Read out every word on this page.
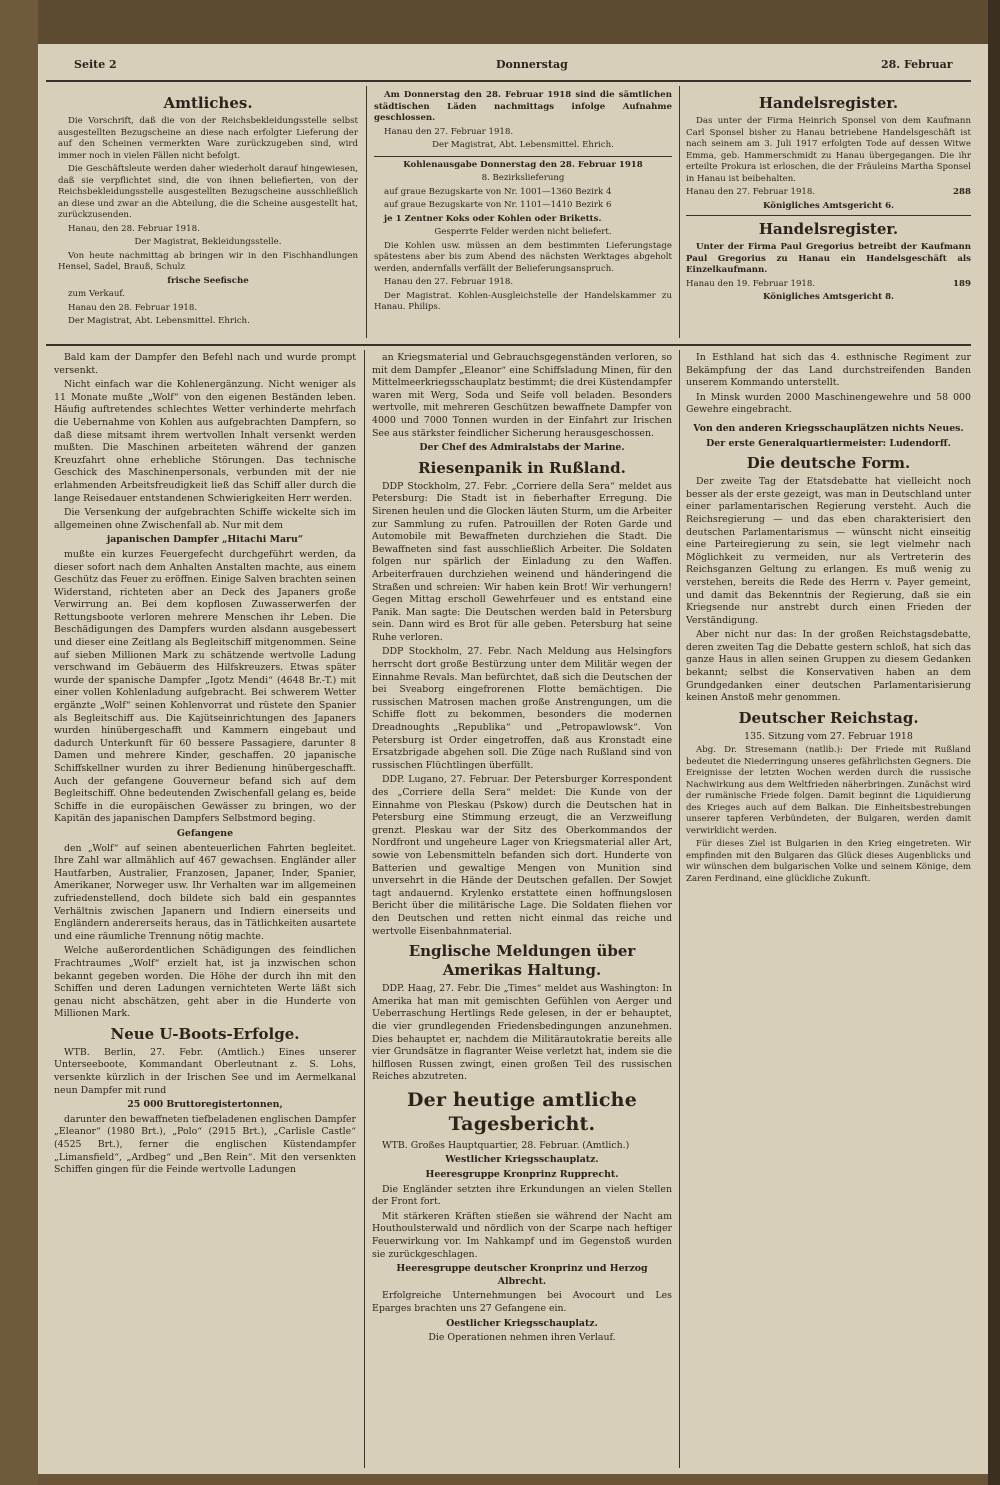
Seite 2	Donnerstag	28. Februar
Amtliches.

Die Vorschrift, daß die von der Reichsbekleidungsstelle selbst ausgestellten Bezugscheine an diese nach erfolgter Lieferung der auf den Scheinen vermerkten Ware zurückzugeben sind, wird immer noch in vielen Fällen nicht befolgt.

Die Geschäftsleute werden daher wiederholt darauf hingewiesen, daß sie verpflichtet sind, die von ihnen beliefierten, von der Reichsbekleidungsstelle ausgestellten Bezugscheine ausschließlich an diese und zwar an die Abteilung, die die Scheine ausgestellt hat, zurückzusenden.

Hanau, den 28. Februar 1918.

Der Magistrat, Bekleidungsstelle.

Von heute nachmittag ab bringen wir in den Fischhandlungen Hensel, Sadel, Brauß, Schulz

frische Seefische

zum Verkauf.

Hanau den 28. Februar 1918.

Der Magistrat, Abt. Lebensmittel. Ehrich.

Am Donnerstag den 28. Februar 1918 sind die sämtlichen städtischen Läden nachmittags infolge Aufnahme geschlossen.

Hanau den 27. Februar 1918.

Der Magistrat, Abt. Lebensmittel. Ehrich.

Kohlenausgabe Donnerstag den 28. Februar 1918

8. Bezirkslieferung

auf graue Bezugskarte von Nr. 1001—1360 Bezirk 4

auf graue Bezugskarte von Nr. 1101—1410 Bezirk 6

je 1 Zentner Koks oder Kohlen oder Briketts.

Gesperrte Felder werden nicht beliefert.

Die Kohlen usw. müssen an dem bestimmten Lieferungstage spätestens aber bis zum Abend des nächsten Werktages abgeholt werden, andernfalls verfällt der Belieferungsanspruch.

Hanau den 27. Februar 1918.

Der Magistrat. Kohlen-Ausgleichstelle der Handelskammer zu Hanau. Philips.

Handelsregister.

Das unter der Firma Heinrich Sponsel von dem Kaufmann Carl Sponsel bisher zu Hanau betriebene Handelsgeschäft ist nach seinem am 3. Juli 1917 erfolgten Tode auf dessen Witwe Emma, geb. Hammerschmidt zu Hanau übergegangen. Die ihr erteilte Prokura ist erloschen, die der Fräuleins Martha Sponsel in Hanau ist beibehalten.

Hanau den 27. Februar 1918.	288

Königliches Amtsgericht 6.

Handelsregister.

Unter der Firma Paul Gregorius betreibt der Kaufmann Paul Gregorius zu Hanau ein Handelsgeschäft als Einzelkaufmann.

Hanau den 19. Februar 1918.	189

Königliches Amtsgericht 8.

Bald kam der Dampfer den Befehl nach und wurde prompt versenkt.

Nicht einfach war die Kohlenergänzung. Nicht weniger als 11 Monate mußte „Wolf“ von den eigenen Beständen leben. Häufig auftretendes schlechtes Wetter verhinderte mehrfach die Uebernahme von Kohlen aus aufgebrachten Dampfern, so daß diese mitsamt ihrem wertvollen Inhalt versenkt werden mußten. Die Maschinen arbeiteten während der ganzen Kreuzfahrt ohne erhebliche Störungen. Das technische Geschick des Maschinenpersonals, verbunden mit der nie erlahmenden Arbeitsfreudigkeit ließ das Schiff aller durch die lange Reisedauer entstandenen Schwierigkeiten Herr werden.

Die Versenkung der aufgebrachten Schiffe wickelte sich im allgemeinen ohne Zwischenfall ab. Nur mit dem

japanischen Dampfer „Hitachi Maru“

mußte ein kurzes Feuergefecht durchgeführt werden, da dieser sofort nach dem Anhalten Anstalten machte, aus einem Geschütz das Feuer zu eröffnen. Einige Salven brachten seinen Widerstand, richteten aber an Deck des Japaners große Verwirrung an. Bei dem kopflosen Zuwasserwerfen der Rettungsboote verloren mehrere Menschen ihr Leben. Die Beschädigungen des Dampfers wurden alsdann ausgebessert und dieser eine Zeitlang als Begleitschiff mitgenommen. Seine auf sieben Millionen Mark zu schätzende wertvolle Ladung verschwand im Gebäuerm des Hilfskreuzers. Etwas später wurde der spanische Dampfer „Igotz Mendi“ (4648 Br.-T.) mit einer vollen Kohlenladung aufgebracht. Bei schwerem Wetter ergänzte „Wolf“ seinen Kohlenvorrat und rüstete den Spanier als Begleitschiff aus. Die Kajütseinrichtungen des Japaners wurden hinübergeschafft und Kammern eingebaut und dadurch Unterkunft für 60 bessere Passagiere, darunter 8 Damen und mehrere Kinder, geschaffen. 20 japanische Schiffskellner wurden zu ihrer Bedienung hinübergeschafft. Auch der gefangene Gouverneur befand sich auf dem Begleitschiff. Ohne bedeutenden Zwischenfall gelang es, beide Schiffe in die europäischen Gewässer zu bringen, wo der Kapitän des japanischen Dampfers Selbstmord beging.

Gefangene

den „Wolf“ auf seinen abenteuerlichen Fahrten begleitet. Ihre Zahl war allmählich auf 467 gewachsen. Engländer aller Hautfarben, Australier, Franzosen, Japaner, Inder, Spanier, Amerikaner, Norweger usw. Ihr Verhalten war im allgemeinen zufriedenstellend, doch bildete sich bald ein gespanntes Verhältnis zwischen Japanern und Indiern einerseits und Engländern andererseits heraus, das in Tätlichkeiten ausartete und eine räumliche Trennung nötig machte.

Welche außerordentlichen Schädigungen des feindlichen Frachtraumes „Wolf“ erzielt hat, ist ja inzwischen schon bekannt gegeben worden. Die Höhe der durch ihn mit den Schiffen und deren Ladungen vernichteten Werte läßt sich genau nicht abschätzen, geht aber in die Hunderte von Millionen Mark.

Neue U-Boots-Erfolge.

WTB. Berlin, 27. Febr. (Amtlich.) Eines unserer Unterseeboote, Kommandant Oberleutnant z. S. Lohs, versenkte kürzlich in der Irischen See und im Aermelkanal neun Dampfer mit rund

25 000 Bruttoregistertonnen,

darunter den bewaffneten tiefbeladenen englischen Dampfer „Eleanor“ (1980 Brt.), „Polo“ (2915 Brt.), „Carlisle Castle“ (4525 Brt.), ferner die englischen Küstendampfer „Limansfield“, „Ardbeg“ und „Ben Rein“. Mit den versenkten Schiffen gingen für die Feinde wertvolle Ladungen

an Kriegsmaterial und Gebrauchsgegenständen verloren, so mit dem Dampfer „Eleanor“ eine Schiffsladung Minen, für den Mittelmeerkriegsschauplatz bestimmt; die drei Küstendampfer waren mit Werg, Soda und Seife voll beladen. Besonders wertvolle, mit mehreren Geschützen bewaffnete Dampfer von 4000 und 7000 Tonnen wurden in der Einfahrt zur Irischen See aus stärkster feindlicher Sicherung herausgeschossen.

Der Chef des Admiralstabs der Marine.

Riesenpanik in Rußland.

DDP Stockholm, 27. Febr. „Corriere della Sera“ meldet aus Petersburg: Die Stadt ist in fieberhafter Erregung. Die Sirenen heulen und die Glocken läuten Sturm, um die Arbeiter zur Sammlung zu rufen. Patrouillen der Roten Garde und Automobile mit Bewaffneten durchziehen die Stadt. Die Bewaffneten sind fast ausschließlich Arbeiter. Die Soldaten folgen nur spärlich der Einladung zu den Waffen. Arbeiterfrauen durchziehen weinend und händeringend die Straßen und schreien: Wir haben kein Brot! Wir verhungern! Gegen Mittag erscholl Gewehrfeuer und es entstand eine Panik. Man sagte: Die Deutschen werden bald in Petersburg sein. Dann wird es Brot für alle geben. Petersburg hat seine Ruhe verloren.

DDP Stockholm, 27. Febr. Nach Meldung aus Helsingfors herrscht dort große Bestürzung unter dem Militär wegen der Einnahme Revals. Man befürchtet, daß sich die Deutschen der bei Sveaborg eingefrorenen Flotte bemächtigen. Die russischen Matrosen machen große Anstrengungen, um die Schiffe flott zu bekommen, besonders die modernen Dreadnoughts „Republika“ und „Petropawlowsk“. Von Petersburg ist Order eingetroffen, daß aus Kronstadt eine Ersatzbrigade abgehen soll. Die Züge nach Rußland sind von russischen Flüchtlingen überfüllt.

DDP. Lugano, 27. Februar. Der Petersburger Korrespondent des „Corriere della Sera“ meldet: Die Kunde von der Einnahme von Pleskau (Pskow) durch die Deutschen hat in Petersburg eine Stimmung erzeugt, die an Verzweiflung grenzt. Pleskau war der Sitz des Oberkommandos der Nordfront und ungeheure Lager von Kriegsmaterial aller Art, sowie von Lebensmitteln befanden sich dort. Hunderte von Batterien und gewaltige Mengen von Munition sind unversehrt in die Hände der Deutschen gefallen. Der Sowjet tagt andauernd. Krylenko erstattete einen hoffnungslosen Bericht über die militärische Lage. Die Soldaten fliehen vor den Deutschen und retten nicht einmal das reiche und wertvolle Eisenbahnmaterial.

Englische Meldungen über Amerikas Haltung.

DDP. Haag, 27. Febr. Die „Times“ meldet aus Washington: In Amerika hat man mit gemischten Gefühlen von Aerger und Ueberraschung Hertlings Rede gelesen, in der er behauptet, die vier grundlegenden Friedensbedingungen anzunehmen. Dies behauptet er, nachdem die Militärautokratie bereits alle vier Grundsätze in flagranter Weise verletzt hat, indem sie die hilflosen Russen zwingt, einen großen Teil des russischen Reiches abzutreten.

Der heutige amtliche Tagesbericht.

WTB. Großes Hauptquartier, 28. Februar. (Amtlich.)

Westlicher Kriegsschauplatz.

Heeresgruppe Kronprinz Rupprecht.

Die Engländer setzten ihre Erkundungen an vielen Stellen der Front fort.

Mit stärkeren Kräften stießen sie während der Nacht am Houthoulsterwald und nördlich von der Scarpe nach heftiger Feuerwirkung vor. Im Nahkampf und im Gegenstoß wurden sie zurückgeschlagen.

Heeresgruppe deutscher Kronprinz und Herzog Albrecht.

Erfolgreiche Unternehmungen bei Avocourt und Les Eparges brachten uns 27 Gefangene ein.

Oestlicher Kriegsschauplatz.

Die Operationen nehmen ihren Verlauf.

In Esthland hat sich das 4. esthnische Regiment zur Bekämpfung der das Land durchstreifenden Banden unserem Kommando unterstellt.

In Minsk wurden 2000 Maschinengewehre und 58 000 Gewehre eingebracht.

Von den anderen Kriegsschauplätzen nichts Neues.

Der erste Generalquartiermeister: Ludendorff.

Die deutsche Form.

Der zweite Tag der Etatsdebatte hat vielleicht noch besser als der erste gezeigt, was man in Deutschland unter einer parlamentarischen Regierung versteht. Auch die Reichsregierung — und das eben charakterisiert den deutschen Parlamentarismus — wünscht nicht einseitig eine Parteiregierung zu sein, sie legt vielmehr nach Möglichkeit zu vermeiden, nur als Vertreterin des Reichsganzen Geltung zu erlangen. Es muß wenig zu verstehen, bereits die Rede des Herrn v. Payer gemeint, und damit das Bekenntnis der Regierung, daß sie ein Kriegsende nur anstrebt durch einen Frieden der Verständigung.

Aber nicht nur das: In der großen Reichstagsdebatte, deren zweiten Tag die Debatte gestern schloß, hat sich das ganze Haus in allen seinen Gruppen zu diesem Gedanken bekannt; selbst die Konservativen haben an dem Grundgedanken einer deutschen Parlamentarisierung keinen Anstoß mehr genommen.

Deutscher Reichstag.

135. Sitzung vom 27. Februar 1918

Abg. Dr. Stresemann (natlib.): Der Friede mit Rußland bedeutet die Niederringung unseres gefährlichsten Gegners. Die Ereignisse der letzten Wochen werden durch die russische Nachwirkung aus dem Weltfrieden näherbringen. Zunächst wird der rumänische Friede folgen. Damit beginnt die Liquidierung des Krieges auch auf dem Balkan. Die Einheitsbestrebungen unserer tapferen Verbündeten, der Bulgaren, werden damit verwirklicht werden.

Für dieses Ziel ist Bulgarien in den Krieg eingetreten. Wir empfinden mit den Bulgaren das Glück dieses Augenblicks und wir wünschen dem bulgarischen Volke und seinem Könige, dem Zaren Ferdinand, eine glückliche Zukunft.
